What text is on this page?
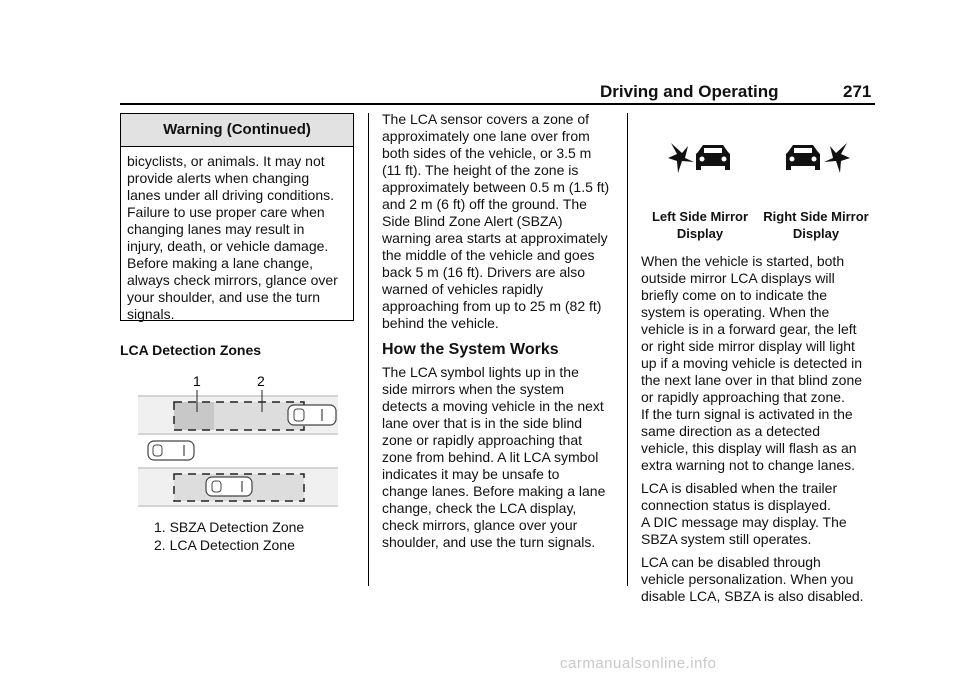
Driving and Operating	271
Warning (Continued)
bicyclists, or animals. It may not
provide alerts when changing
lanes under all driving conditions.
Failure to use proper care when
changing lanes may result in
injury, death, or vehicle damage.
Before making a lane change,
always check mirrors, glance over
your shoulder, and use the turn
signals.
LCA Detection Zones
1	2
1. SBZA Detection Zone
2. LCA Detection Zone
The LCA sensor covers a zone of
approximately one lane over from
both sides of the vehicle, or 3.5 m
(11 ft). The height of the zone is
approximately between 0.5 m (1.5 ft)
and 2 m (6 ft) off the ground. The
Side Blind Zone Alert (SBZA)
warning area starts at approximately
the middle of the vehicle and goes
back 5 m (16 ft). Drivers are also
warned of vehicles rapidly
approaching from up to 25 m (82 ft)
behind the vehicle.
How the System Works
The LCA symbol lights up in the
side mirrors when the system
detects a moving vehicle in the next
lane over that is in the side blind
zone or rapidly approaching that
zone from behind. A lit LCA symbol
indicates it may be unsafe to
change lanes. Before making a lane
change, check the LCA display,
check mirrors, glance over your
shoulder, and use the turn signals.
Left Side Mirror
Display
Right Side Mirror
Display
When the vehicle is started, both
outside mirror LCA displays will
briefly come on to indicate the
system is operating. When the
vehicle is in a forward gear, the left
or right side mirror display will light
up if a moving vehicle is detected in
the next lane over in that blind zone
or rapidly approaching that zone.
If the turn signal is activated in the
same direction as a detected
vehicle, this display will flash as an
extra warning not to change lanes.
LCA is disabled when the trailer
connection status is displayed.
A DIC message may display. The
SBZA system still operates.
LCA can be disabled through
vehicle personalization. When you
disable LCA, SBZA is also disabled.
carmanualsonline.info
